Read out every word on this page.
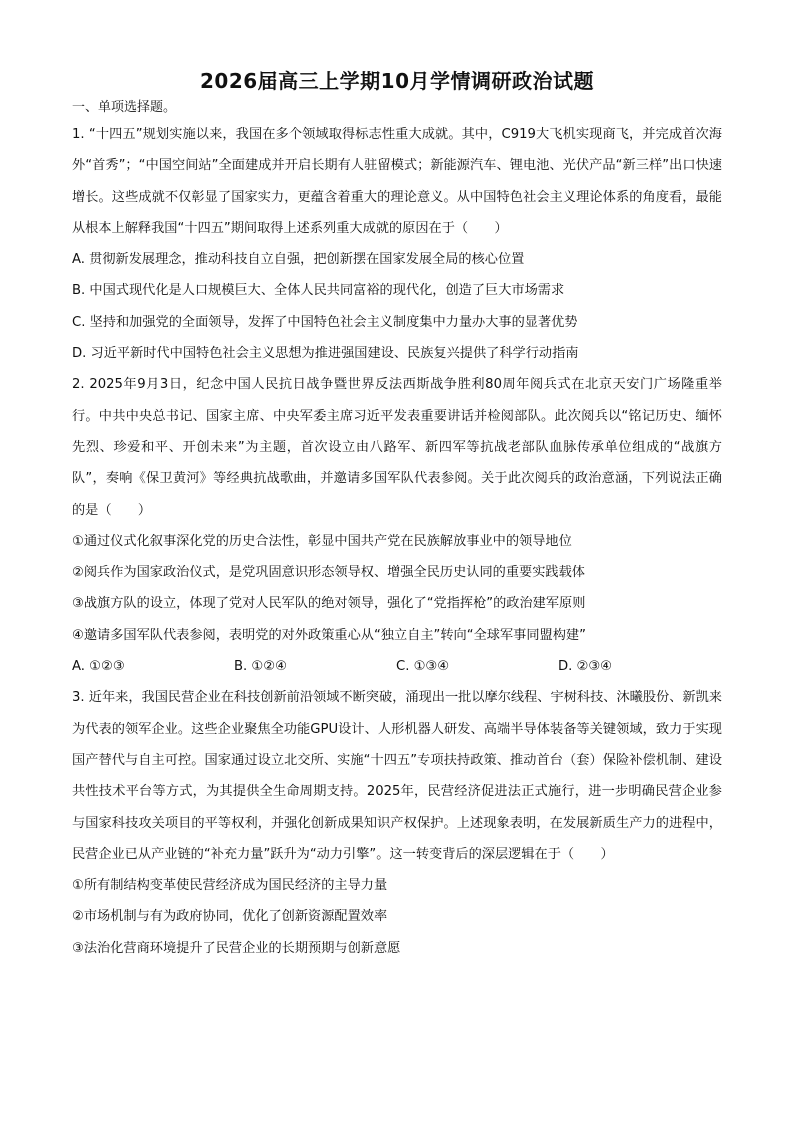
2026届高三上学期10月学情调研政治试题
一、单项选择题。
1. “十四五”规划实施以来，我国在多个领域取得标志性重大成就。其中，C919大飞机实现商飞，并完成首次海外“首秀”；“中国空间站”全面建成并开启长期有人驻留模式；新能源汽车、锂电池、光伏产品“新三样”出口快速增长。这些成就不仅彰显了国家实力，更蕴含着重大的理论意义。从中国特色社会主义理论体系的角度看，最能从根本上解释我国“十四五”期间取得上述系列重大成就的原因在于（　　）
A. 贯彻新发展理念，推动科技自立自强，把创新摆在国家发展全局的核心位置
B. 中国式现代化是人口规模巨大、全体人民共同富裕的现代化，创造了巨大市场需求
C. 坚持和加强党的全面领导，发挥了中国特色社会主义制度集中力量办大事的显著优势
D. 习近平新时代中国特色社会主义思想为推进强国建设、民族复兴提供了科学行动指南
2. 2025年9月3日，纪念中国人民抗日战争暨世界反法西斯战争胜利80周年阅兵式在北京天安门广场隆重举行。中共中央总书记、国家主席、中央军委主席习近平发表重要讲话并检阅部队。此次阅兵以“铭记历史、缅怀先烈、珍爱和平、开创未来”为主题，首次设立由八路军、新四军等抗战老部队血脉传承单位组成的“战旗方队”，奏响《保卫黄河》等经典抗战歌曲，并邀请多国军队代表参阅。关于此次阅兵的政治意涵，下列说法正确的是（　　）
①通过仪式化叙事深化党的历史合法性，彰显中国共产党在民族解放事业中的领导地位
②阅兵作为国家政治仪式，是党巩固意识形态领导权、增强全民历史认同的重要实践载体
③战旗方队的设立，体现了党对人民军队的绝对领导，强化了“党指挥枪”的政治建军原则
④邀请多国军队代表参阅，表明党的对外政策重心从“独立自主”转向“全球军事同盟构建”
A. ①②③	B. ①②④	C. ①③④	D. ②③④
3. 近年来，我国民营企业在科技创新前沿领域不断突破，涌现出一批以摩尔线程、宇树科技、沐曦股份、新凯来为代表的领军企业。这些企业聚焦全功能GPU设计、人形机器人研发、高端半导体装备等关键领域，致力于实现国产替代与自主可控。国家通过设立北交所、实施“十四五”专项扶持政策、推动首台（套）保险补偿机制、建设共性技术平台等方式，为其提供全生命周期支持。2025年，民营经济促进法正式施行，进一步明确民营企业参与国家科技攻关项目的平等权利，并强化创新成果知识产权保护。上述现象表明，在发展新质生产力的进程中，民营企业已从产业链的“补充力量”跃升为“动力引擎”。这一转变背后的深层逻辑在于（　　）
①所有制结构变革使民营经济成为国民经济的主导力量
②市场机制与有为政府协同，优化了创新资源配置效率
③法治化营商环境提升了民营企业的长期预期与创新意愿
